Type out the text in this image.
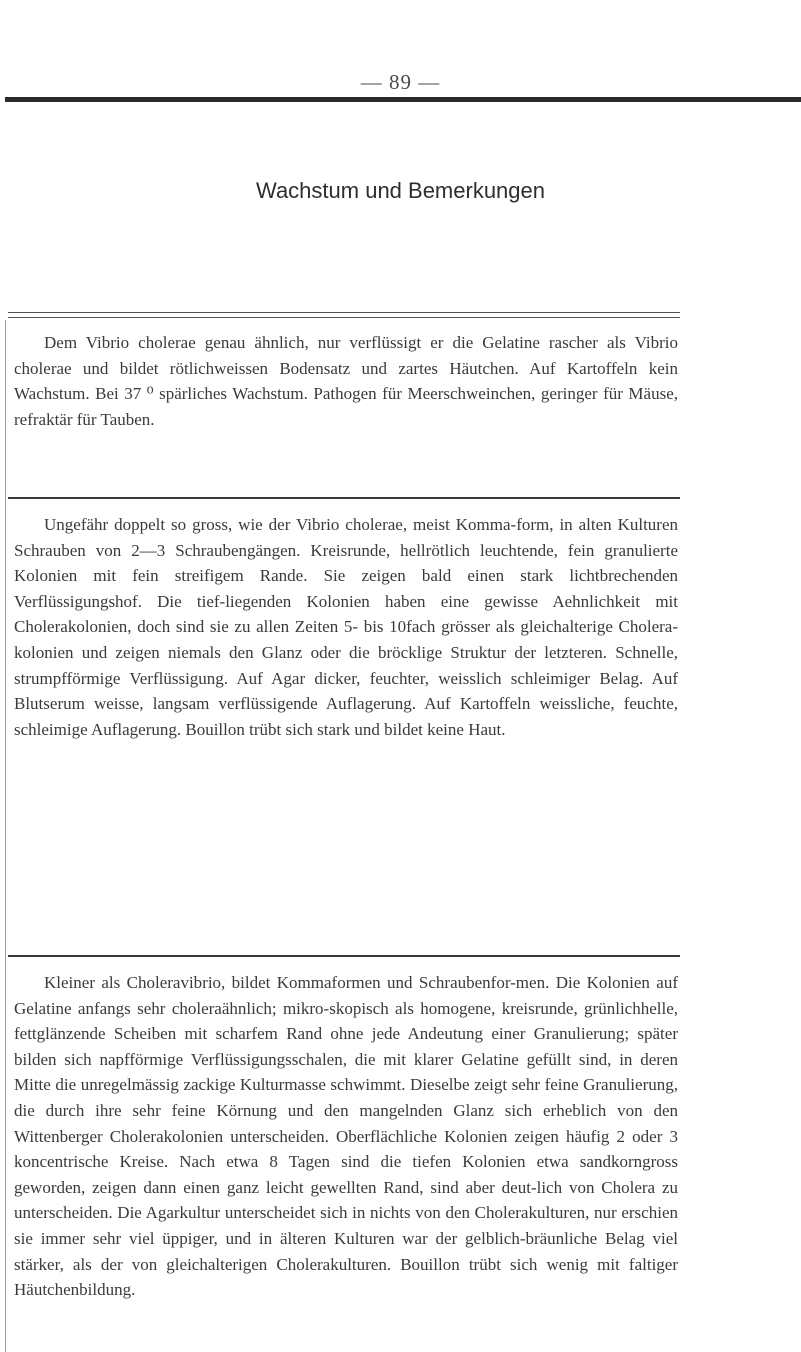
— 89 —
Wachstum und Bemerkungen

Dem Vibrio cholerae genau ähnlich, nur verflüssigt er die Gelatine rascher als Vibrio cholerae und bildet rötlichweissen Bodensatz und zartes Häutchen. Auf Kartoffeln kein Wachstum. Bei 37 ⁰ spärliches Wachstum. Pathogen für Meerschweinchen, geringer für Mäuse, refraktär für Tauben.

Ungefähr doppelt so gross, wie der Vibrio cholerae, meist Komma-form, in alten Kulturen Schrauben von 2—3 Schraubengängen. Kreisrunde, hellrötlich leuchtende, fein granulierte Kolonien mit fein streifigem Rande. Sie zeigen bald einen stark lichtbrechenden Verflüssigungshof. Die tief-liegenden Kolonien haben eine gewisse Aehnlichkeit mit Cholerakolonien, doch sind sie zu allen Zeiten 5- bis 10fach grösser als gleichalterige Cholera-kolonien und zeigen niemals den Glanz oder die bröcklige Struktur der letzteren. Schnelle, strumpfförmige Verflüssigung. Auf Agar dicker, feuchter, weisslich schleimiger Belag. Auf Blutserum weisse, langsam verflüssigende Auflagerung. Auf Kartoffeln weissliche, feuchte, schleimige Auflagerung. Bouillon trübt sich stark und bildet keine Haut.

Kleiner als Choleravibrio, bildet Kommaformen und Schraubenfor-men. Die Kolonien auf Gelatine anfangs sehr choleraähnlich; mikro-skopisch als homogene, kreisrunde, grünlichhelle, fettglänzende Scheiben mit scharfem Rand ohne jede Andeutung einer Granulierung; später bilden sich napfförmige Verflüssigungsschalen, die mit klarer Gelatine gefüllt sind, in deren Mitte die unregelmässig zackige Kulturmasse schwimmt. Dieselbe zeigt sehr feine Granulierung, die durch ihre sehr feine Körnung und den mangelnden Glanz sich erheblich von den Wittenberger Cholerakolonien unterscheiden. Oberflächliche Kolonien zeigen häufig 2 oder 3 koncentrische Kreise. Nach etwa 8 Tagen sind die tiefen Kolonien etwa sandkorngross geworden, zeigen dann einen ganz leicht gewellten Rand, sind aber deut-lich von Cholera zu unterscheiden. Die Agarkultur unterscheidet sich in nichts von den Cholerakulturen, nur erschien sie immer sehr viel üppiger, und in älteren Kulturen war der gelblich-bräunliche Belag viel stärker, als der von gleichalterigen Cholerakulturen. Bouillon trübt sich wenig mit faltiger Häutchenbildung.
